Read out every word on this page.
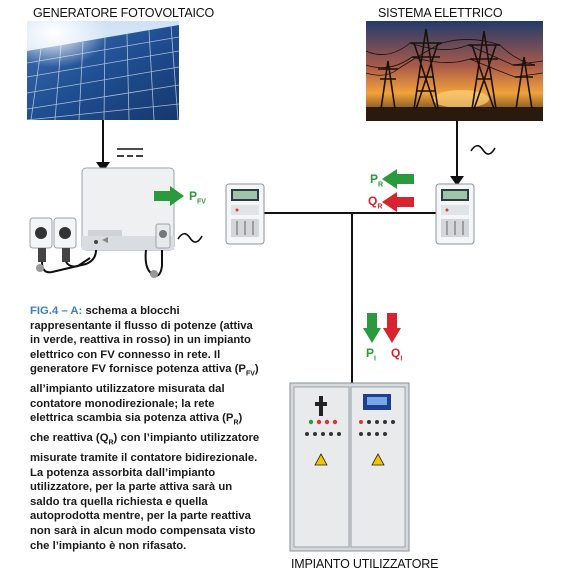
GENERATORE FOTOVOLTAICO	SISTEMA ELETTRICO
IMPIANTO UTILIZZATORE
$P_{FV}$
$P_R$
$Q_R$
$P_I$ $Q_I$
FIG.4 – A: schema a blocchi rappresentante il flusso di potenze (attiva in verde, reattiva in rosso) in un impianto elettrico con FV connesso in rete. Il generatore FV fornisce potenza attiva $(P_{FV})$ all’impianto utilizzatore misurata dal contatore monodirezionale; la rete elettrica scambia sia potenza attiva $(P_R)$ che reattiva $(Q_R)$ con l’impianto utilizzatore misurate tramite il contatore bidirezionale. La potenza assorbita dall’impianto utilizzatore, per la parte attiva sarà un saldo tra quella richiesta e quella autoprodotta mentre, per la parte reattiva non sarà in alcun modo compensata visto che l’impianto è non rifasato.
